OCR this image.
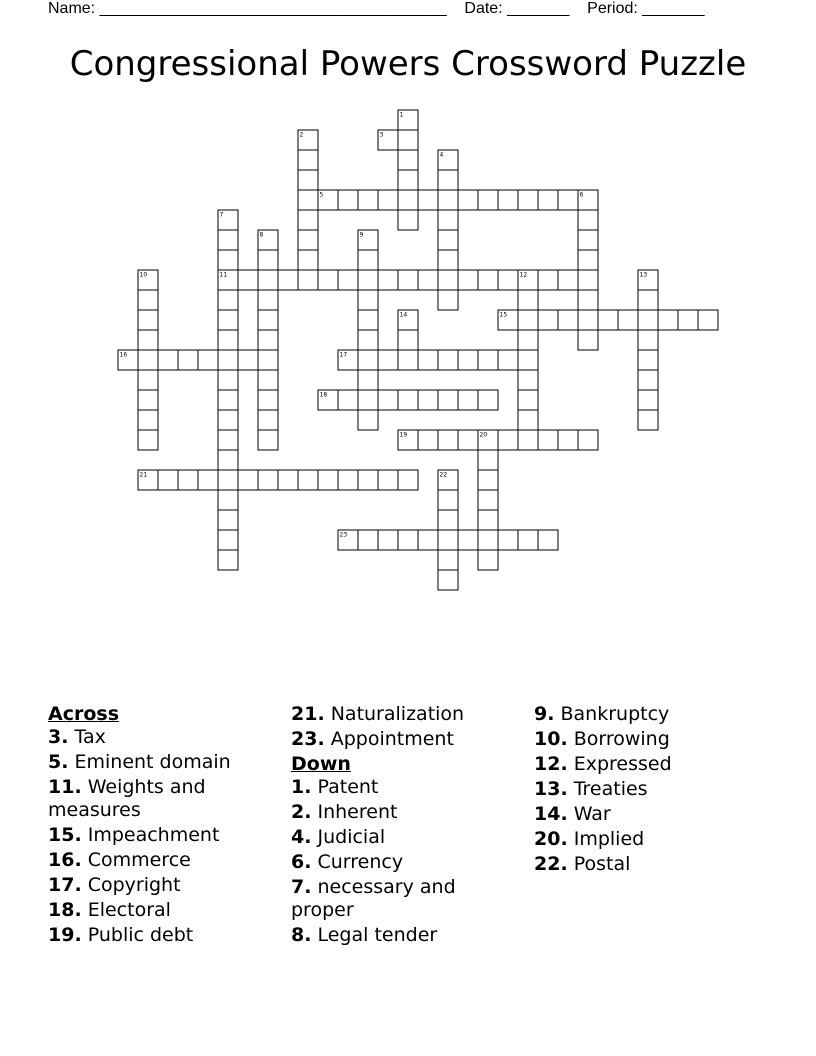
Name: _______________________________________    Date: _______    Period: _______
Congressional Powers Crossword Puzzle
3
5
11
15
16	17
18
19
21
23
1
2
4
6
7
8	9
10	12	13
14
20
22
Across
3. Tax
5. Eminent domain
11. Weights and measures
15. Impeachment
16. Commerce
17. Copyright
18. Electoral
19. Public debt
21. Naturalization
23. Appointment
Down
1. Patent
2. Inherent
4. Judicial
6. Currency
7. necessary and proper
8. Legal tender
9. Bankruptcy
10. Borrowing
12. Expressed
13. Treaties
14. War
20. Implied
22. Postal
